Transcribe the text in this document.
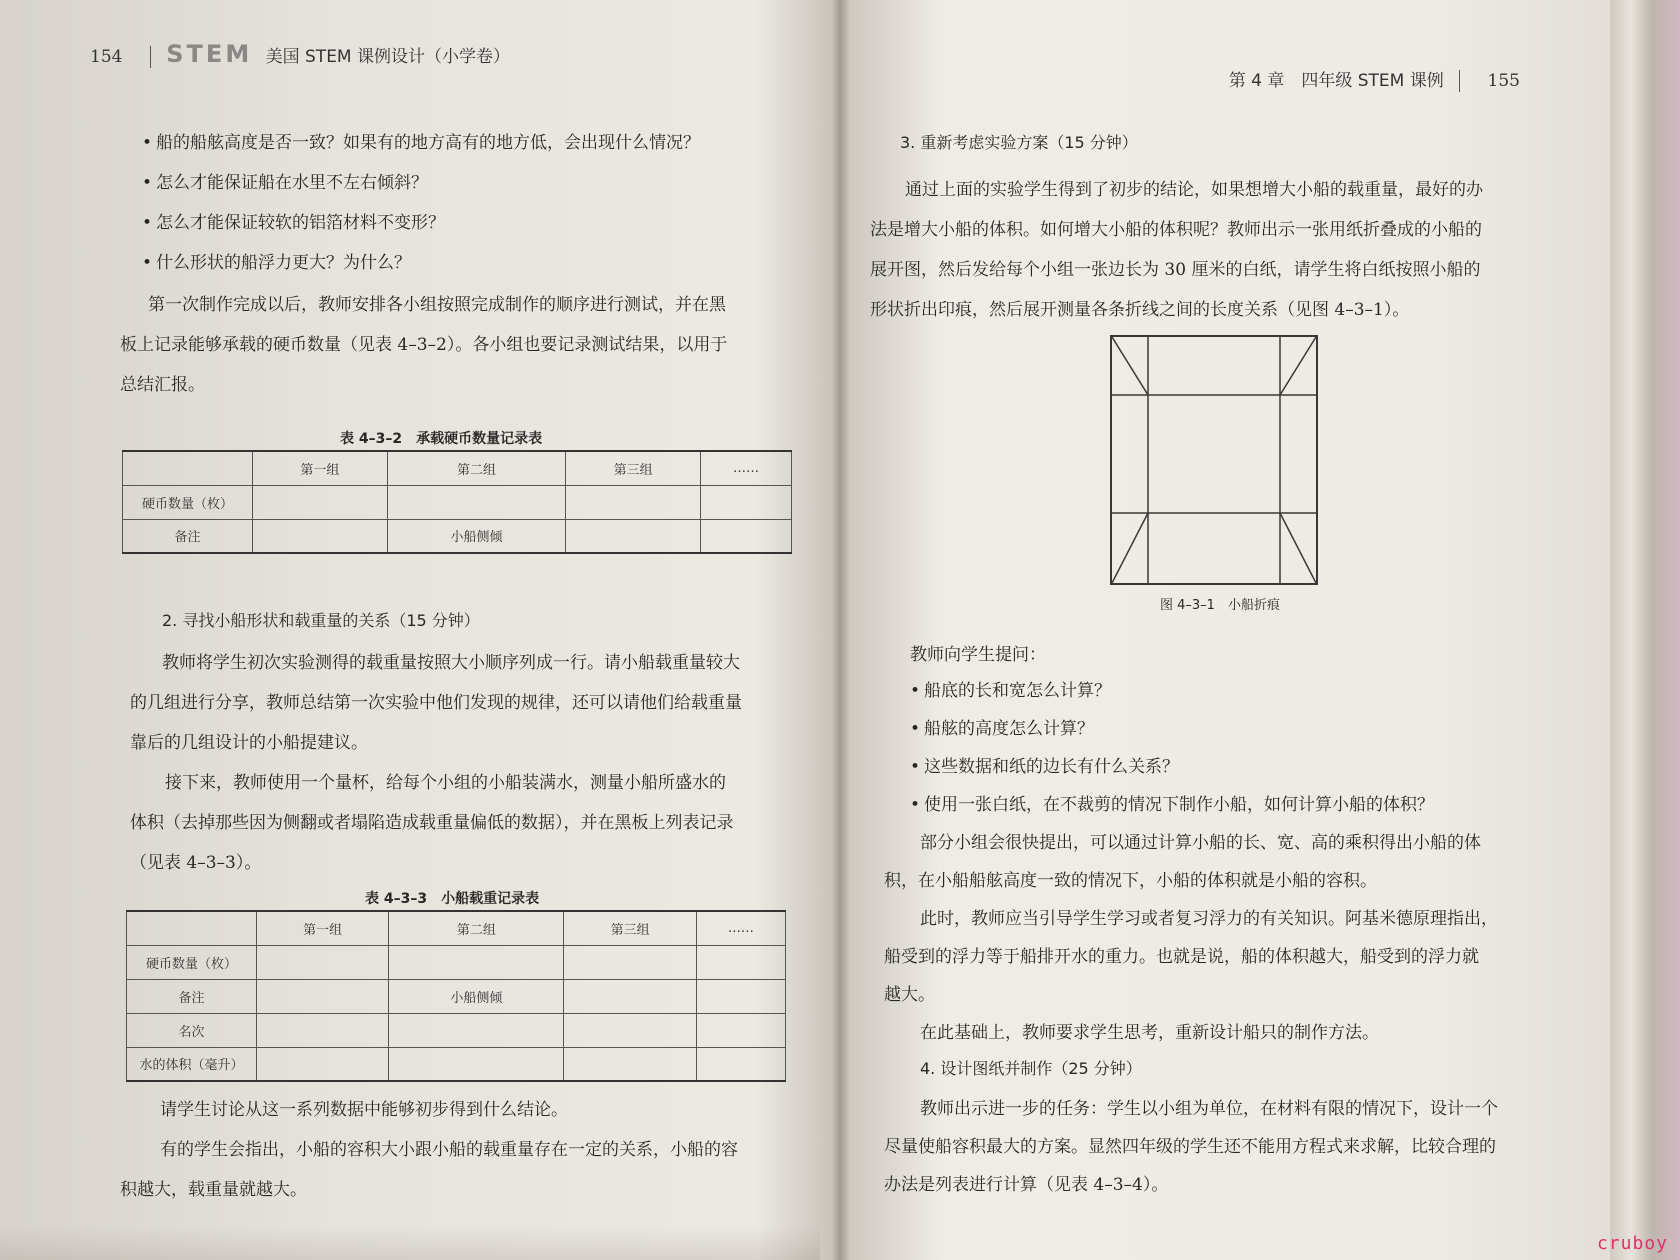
154 STEM 美国 STEM 课例设计（小学卷）
• 船的船舷高度是否一致？如果有的地方高有的地方低，会出现什么情况？
• 怎么才能保证船在水里不左右倾斜？
• 怎么才能保证较软的铝箔材料不变形？
• 什么形状的船浮力更大？为什么？
第一次制作完成以后，教师安排各小组按照完成制作的顺序进行测试，并在黑
板上记录能够承载的硬币数量（见表 4–3–2）。各小组也要记录测试结果，以用于
总结汇报。
表 4–3–2　承载硬币数量记录表
	第一组	第二组	第三组	……
硬币数量（枚）				
备注		小船侧倾		
2. 寻找小船形状和载重量的关系（15 分钟）
教师将学生初次实验测得的载重量按照大小顺序列成一行。请小船载重量较大
的几组进行分享，教师总结第一次实验中他们发现的规律，还可以请他们给载重量
靠后的几组设计的小船提建议。
接下来，教师使用一个量杯，给每个小组的小船装满水，测量小船所盛水的
体积（去掉那些因为侧翻或者塌陷造成载重量偏低的数据），并在黑板上列表记录
（见表 4–3–3）。
表 4–3–3　小船载重记录表
	第一组	第二组	第三组	……
硬币数量（枚）				
备注		小船侧倾		
名次				
水的体积（毫升）				
请学生讨论从这一系列数据中能够初步得到什么结论。
有的学生会指出，小船的容积大小跟小船的载重量存在一定的关系，小船的容
积越大，载重量就越大。
第 4 章　四年级 STEM 课例	155
3. 重新考虑实验方案（15 分钟）
通过上面的实验学生得到了初步的结论，如果想增大小船的载重量，最好的办
法是增大小船的体积。如何增大小船的体积呢？教师出示一张用纸折叠成的小船的
展开图，然后发给每个小组一张边长为 30 厘米的白纸，请学生将白纸按照小船的
形状折出印痕，然后展开测量各条折线之间的长度关系（见图 4–3–1）。
图 4–3–1　小船折痕
教师向学生提问：
• 船底的长和宽怎么计算？
• 船舷的高度怎么计算？
• 这些数据和纸的边长有什么关系？
• 使用一张白纸，在不裁剪的情况下制作小船，如何计算小船的体积？
部分小组会很快提出，可以通过计算小船的长、宽、高的乘积得出小船的体
积，在小船船舷高度一致的情况下，小船的体积就是小船的容积。
此时，教师应当引导学生学习或者复习浮力的有关知识。阿基米德原理指出，
船受到的浮力等于船排开水的重力。也就是说，船的体积越大，船受到的浮力就
越大。
在此基础上，教师要求学生思考，重新设计船只的制作方法。
4. 设计图纸并制作（25 分钟）
教师出示进一步的任务：学生以小组为单位，在材料有限的情况下，设计一个
尽量使船容积最大的方案。显然四年级的学生还不能用方程式来求解，比较合理的
办法是列表进行计算（见表 4–3–4）。
cruboy
